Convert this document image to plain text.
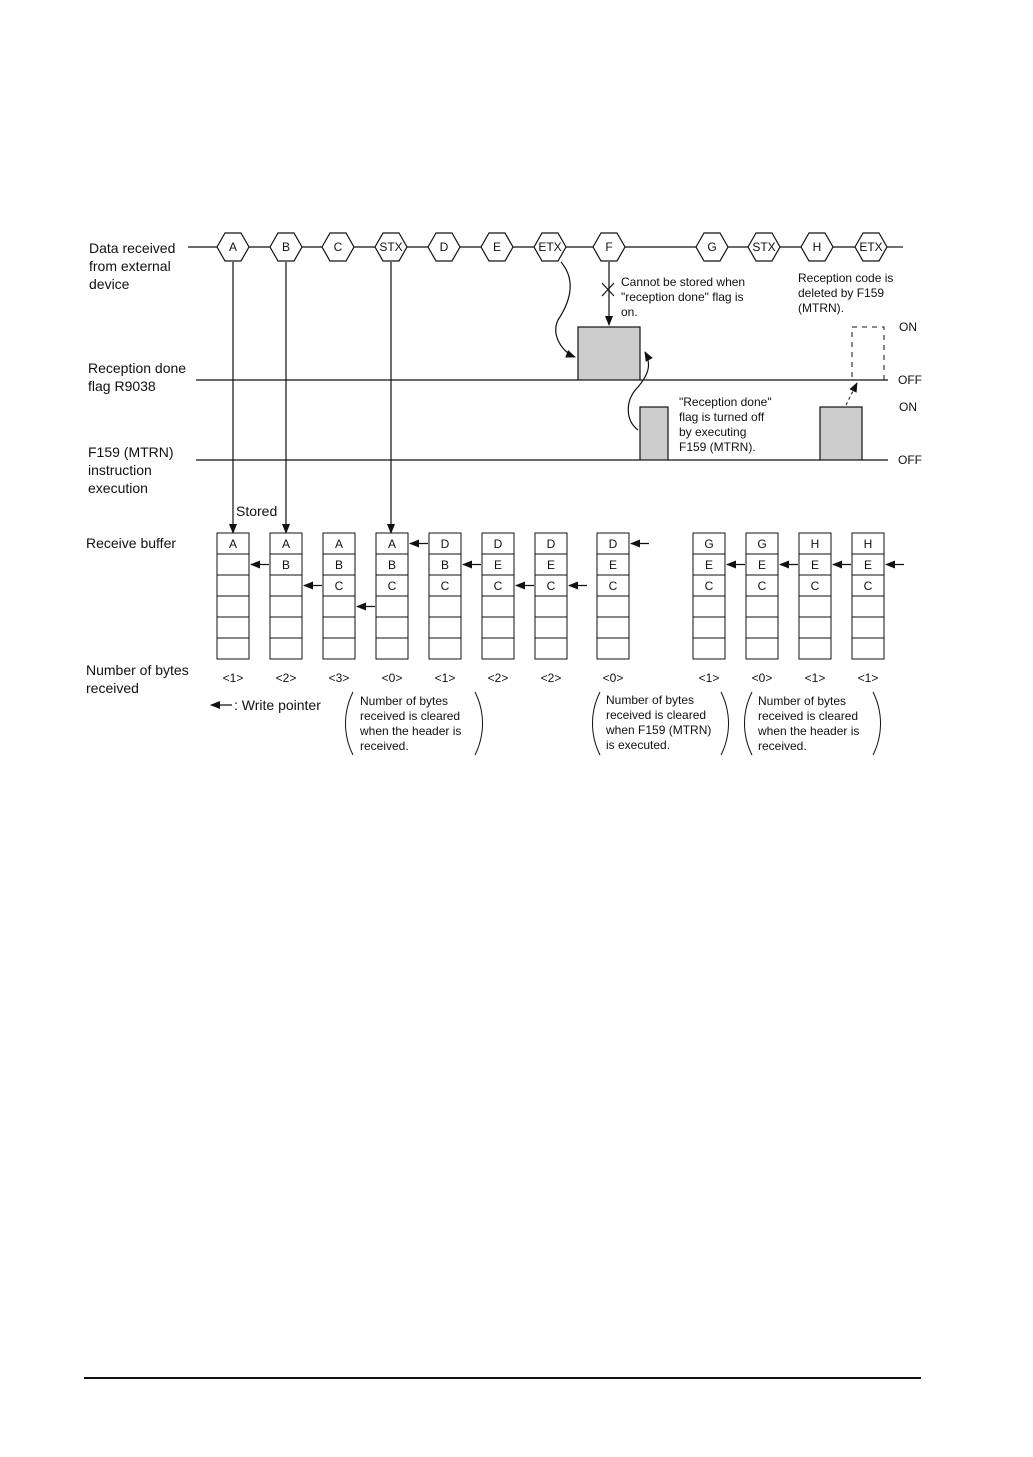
Data received from external device
Reception done flag R9038
F159 (MTRN) instruction execution
Receive buffer
Number of bytes received
Stored
A	B	C	STX	D	E	ETX	F	G	STX	H	ETX
ON
OFF
ON
OFF
Cannot be stored when "reception done" flag is on.
Reception code is deleted by F159 (MTRN).
"Reception done" flag is turned off by executing F159 (MTRN).
A
<1>
A
B
<2>
A
B
C
<3>
A
B
C
<0>
D
B
C
<1>
D
E
C
<2>
D
E
C
<2>
D
E
C
<0>
G
E
C
<1>
G
E
C
<0>
H
E
C
<1>
H
E
C
<1>
: Write pointer	Number of bytes received is cleared when the header is received.
Number of bytes received is cleared when F159 (MTRN) is executed.
Number of bytes received is cleared when the header is received.
